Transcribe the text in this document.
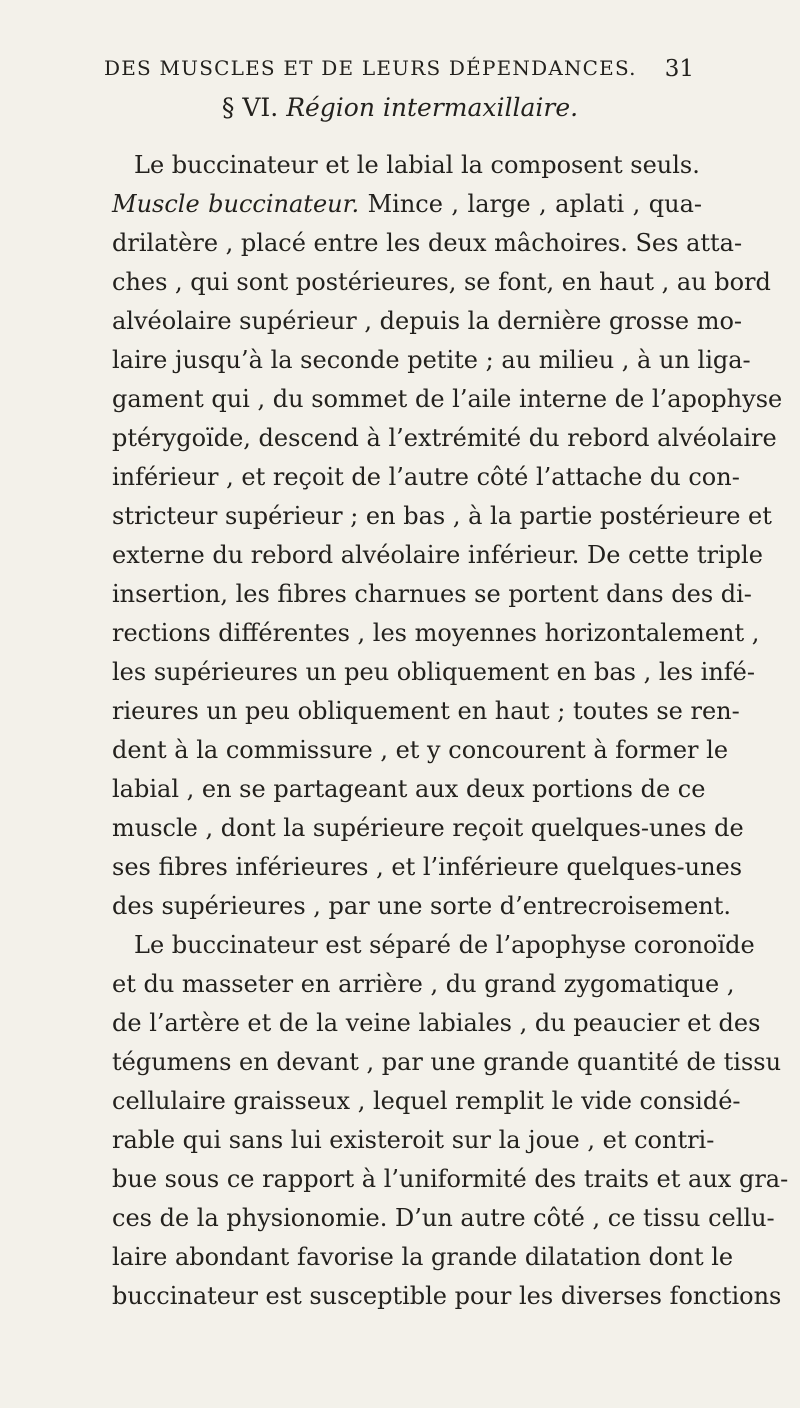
DES MUSCLES ET DE LEURS DÉPENDANCES. 31
§ VI. Région intermaxillaire.
Le buccinateur et le labial la composent seuls.
Muscle buccinateur. Mince , large , aplati , qua-
drilatère , placé entre les deux mâchoires. Ses atta-
ches , qui sont postérieures, se font, en haut , au bord
alvéolaire supérieur , depuis la dernière grosse mo-
laire jusqu’à la seconde petite ; au milieu , à un liga-
gament qui , du sommet de l’aile interne de l’apophyse
ptérygoïde, descend à l’extrémité du rebord alvéolaire
inférieur , et reçoit de l’autre côté l’attache du con-
stricteur supérieur ; en bas , à la partie postérieure et
externe du rebord alvéolaire inférieur. De cette triple
insertion, les fibres charnues se portent dans des di-
rections différentes , les moyennes horizontalement ,
les supérieures un peu obliquement en bas , les infé-
rieures un peu obliquement en haut ; toutes se ren-
dent à la commissure , et y concourent à former le
labial , en se partageant aux deux portions de ce
muscle , dont la supérieure reçoit quelques-unes de
ses fibres inférieures , et l’inférieure quelques-unes
des supérieures , par une sorte d’entrecroisement.
Le buccinateur est séparé de l’apophyse coronoïde
et du masseter en arrière , du grand zygomatique ,
de l’artère et de la veine labiales , du peaucier et des
tégumens en devant , par une grande quantité de tissu
cellulaire graisseux , lequel remplit le vide considé-
rable qui sans lui existeroit sur la joue , et contri-
bue sous ce rapport à l’uniformité des traits et aux gra-
ces de la physionomie. D’un autre côté , ce tissu cellu-
laire abondant favorise la grande dilatation dont le
buccinateur est susceptible pour les diverses fonctions
